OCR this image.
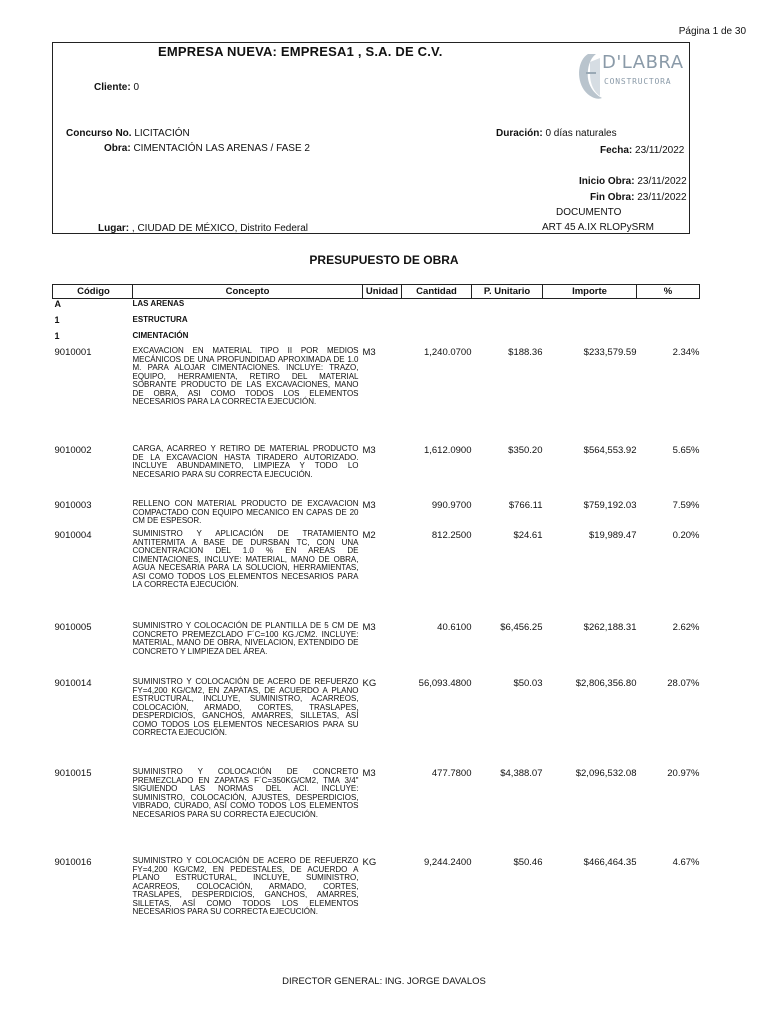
Página 1 de 30
EMPRESA NUEVA: EMPRESA1 , S.A. DE C.V.
D'LABRA
CONSTRUCTORA
Cliente: 0
Concurso No. LICITACIÓN
Obra: CIMENTACIÓN LAS ARENAS / FASE 2
Lugar: , CIUDAD DE MÉXICO, Distrito Federal
Duración: 0 días naturales
Fecha: 23/11/2022
Inicio Obra: 23/11/2022
Fin Obra: 23/11/2022
DOCUMENTO
ART 45 A.IX RLOPySRM
PRESUPUESTO DE OBRA
Código	Concepto	Unidad	Cantidad	P. Unitario	Importe	%
A	LAS ARENAS					
1	ESTRUCTURA					
1	CIMENTACIÓN					
9010001	EXCAVACION EN MATERIAL TIPO II POR MEDIOS MECÁNICOS DE UNA PROFUNDIDAD APROXIMADA DE 1.0 M. PARA ALOJAR CIMENTACIONES. INCLUYE: TRAZO, EQUIPO, HERRAMIENTA, RETIRO DEL MATERIAL SOBRANTE PRODUCTO DE LAS EXCAVACIONES, MANO DE OBRA, ASI COMO TODOS LOS ELEMENTOS NECESARIOS PARA LA CORRECTA EJECUCIÓN.	M3	1,240.0700	$188.36	$233,579.59	2.34%
9010002	CARGA, ACARREO Y RETIRO DE MATERIAL PRODUCTO DE LA EXCAVACION HASTA TIRADERO AUTORIZADO. INCLUYE ABUNDAMINETO, LIMPIEZA Y TODO LO NECESARIO PARA SU CORRECTA EJECUCIÓN.	M3	1,612.0900	$350.20	$564,553.92	5.65%
9010003	RELLENO CON MATERIAL PRODUCTO DE EXCAVACION COMPACTADO CON EQUIPO MECANICO EN CAPAS DE 20 CM DE ESPESOR.	M3	990.9700	$766.11	$759,192.03	7.59%
9010004	SUMINISTRO Y APLICACIÓN DE TRATAMIENTO ANTITERMITA A BASE DE DURSBAN TC, CON UNA CONCENTRACION DEL 1.0 % EN AREAS DE CIMENTACIONES, INCLUYE: MATERIAL, MANO DE OBRA, AGUA NECESARIA PARA LA SOLUCION, HERRAMIENTAS, ASI COMO TODOS LOS ELEMENTOS NECESARIOS PARA LA CORRECTA EJECUCIÓN.	M2	812.2500	$24.61	$19,989.47	0.20%
9010005	SUMINISTRO Y COLOCACIÓN DE PLANTILLA DE 5 CM DE CONCRETO PREMEZCLADO F´C=100 KG./CM2. INCLUYE: MATERIAL, MANO DE OBRA, NIVELACION, EXTENDIDO DE CONCRETO Y LIMPIEZA DEL ÁREA.	M3	40.6100	$6,456.25	$262,188.31	2.62%
9010014	SUMINISTRO Y COLOCACIÓN DE ACERO DE REFUERZO FY=4,200 KG/CM2, EN ZAPATAS, DE ACUERDO A PLANO ESTRUCTURAL, INCLUYE, SUMINISTRO, ACARREOS, COLOCACIÓN, ARMADO, CORTES, TRASLAPES, DESPERDICIOS, GANCHOS, AMARRES, SILLETAS, ASÍ COMO TODOS LOS ELEMENTOS NECESARIOS PARA SU CORRECTA EJECUCIÓN.	KG	56,093.4800	$50.03	$2,806,356.80	28.07%
9010015	SUMINISTRO Y COLOCACIÓN DE CONCRETO PREMEZCLADO EN ZAPATAS F´C=350KG/CM2, TMA 3/4" SIGUIENDO LAS NORMAS DEL ACI. INCLUYE: SUMINISTRO, COLOCACIÓN, AJUSTES, DESPERDICIOS, VIBRADO, CURADO, ASÍ COMO TODOS LOS ELEMENTOS NECESARIOS PARA SU CORRECTA EJECUCIÓN.	M3	477.7800	$4,388.07	$2,096,532.08	20.97%
9010016	SUMINISTRO Y COLOCACIÓN DE ACERO DE REFUERZO FY=4,200 KG/CM2, EN PEDESTALES, DE ACUERDO A PLANO ESTRUCTURAL, INCLUYE, SUMINISTRO, ACARREOS, COLOCACIÓN, ARMADO, CORTES, TRASLAPES, DESPERDICIOS, GANCHOS, AMARRES, SILLETAS, ASÍ COMO TODOS LOS ELEMENTOS NECESARIOS PARA SU CORRECTA EJECUCIÓN.	KG	9,244.2400	$50.46	$466,464.35	4.67%
DIRECTOR GENERAL: ING. JORGE DAVALOS
